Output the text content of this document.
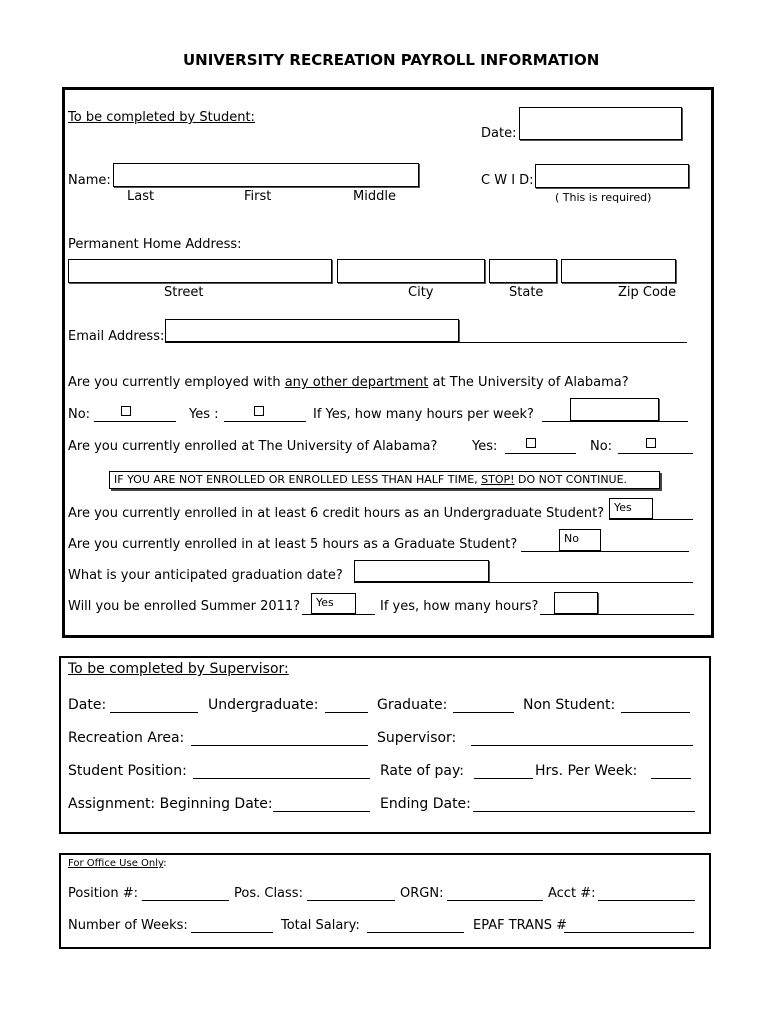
UNIVERSITY RECREATION PAYROLL INFORMATION
To be completed by Student:
Date:
Name:
Last	First	Middle
C W I D:
( This is required)
Permanent Home Address:
Street	City	State	Zip Code
Email Address:
Are you currently employed with any other department at The University of Alabama?
No:	Yes :	If Yes, how many hours per week?
Are you currently enrolled at The University of Alabama?	Yes:	No:
IF YOU ARE NOT ENROLLED OR ENROLLED LESS THAN HALF TIME, STOP! DO NOT CONTINUE.
Are you currently enrolled in at least 6 credit hours as an Undergraduate Student? Yes
Are you currently enrolled in at least 5 hours as a Graduate Student?	No
What is your anticipated graduation date?
Will you be enrolled Summer 2011?	Yes	If yes, how many hours?
To be completed by Supervisor:
Date:	Undergraduate:	Graduate:	Non Student:
Recreation Area:	Supervisor:
Student Position:	Rate of pay:	Hrs. Per Week:
Assignment: Beginning Date:	Ending Date:
For Office Use Only:
Position #:	Pos. Class:	ORGN:	Acct #:
Number of Weeks:	Total Salary:	EPAF TRANS #
